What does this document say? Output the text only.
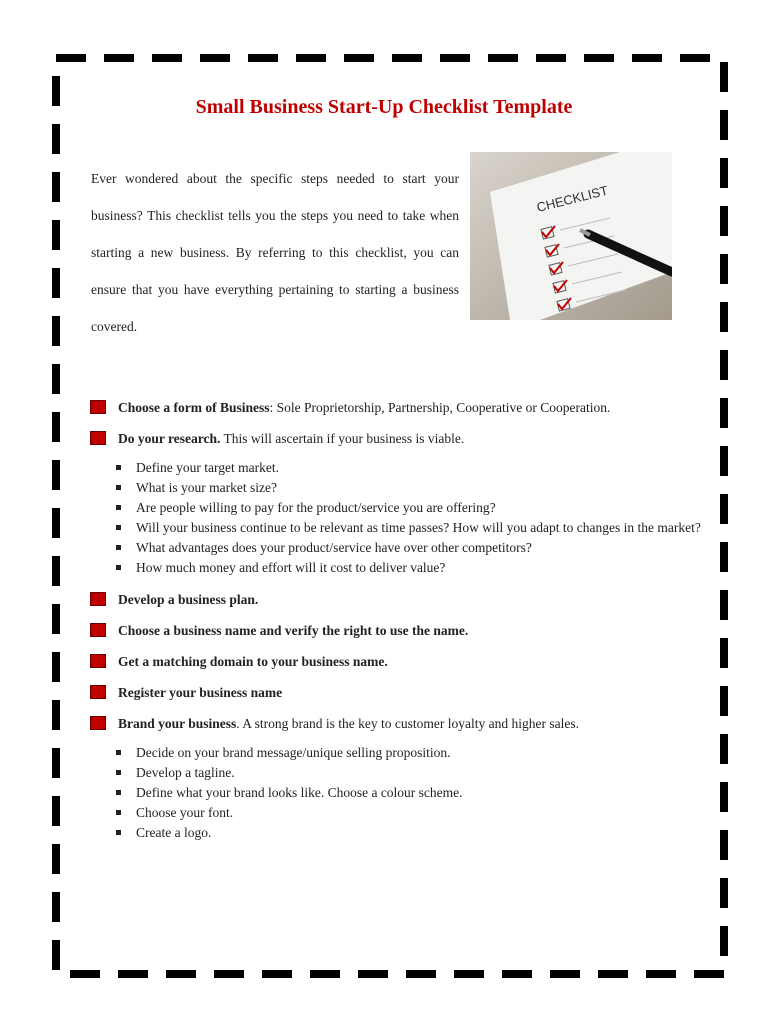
Small Business Start-Up Checklist Template

Ever wondered about the specific steps needed to start your business? This checklist tells you the steps you need to take when starting a new business. By referring to this checklist, you can ensure that you have everything pertaining to starting a business covered.

CHECKLIST
Choose a form of Business: Sole Proprietorship, Partnership, Cooperative or Cooperation.
Do your research. This will ascertain if your business is viable.
Define your target market.
What is your market size?
Are people willing to pay for the product/service you are offering?
Will your business continue to be relevant as time passes? How will you adapt to changes in the market?
What advantages does your product/service have over other competitors?
How much money and effort will it cost to deliver value?
Develop a business plan.
Choose a business name and verify the right to use the name.
Get a matching domain to your business name.
Register your business name
Brand your business. A strong brand is the key to customer loyalty and higher sales.
Decide on your brand message/unique selling proposition.
Develop a tagline.
Define what your brand looks like. Choose a colour scheme.
Choose your font.
Create a logo.
